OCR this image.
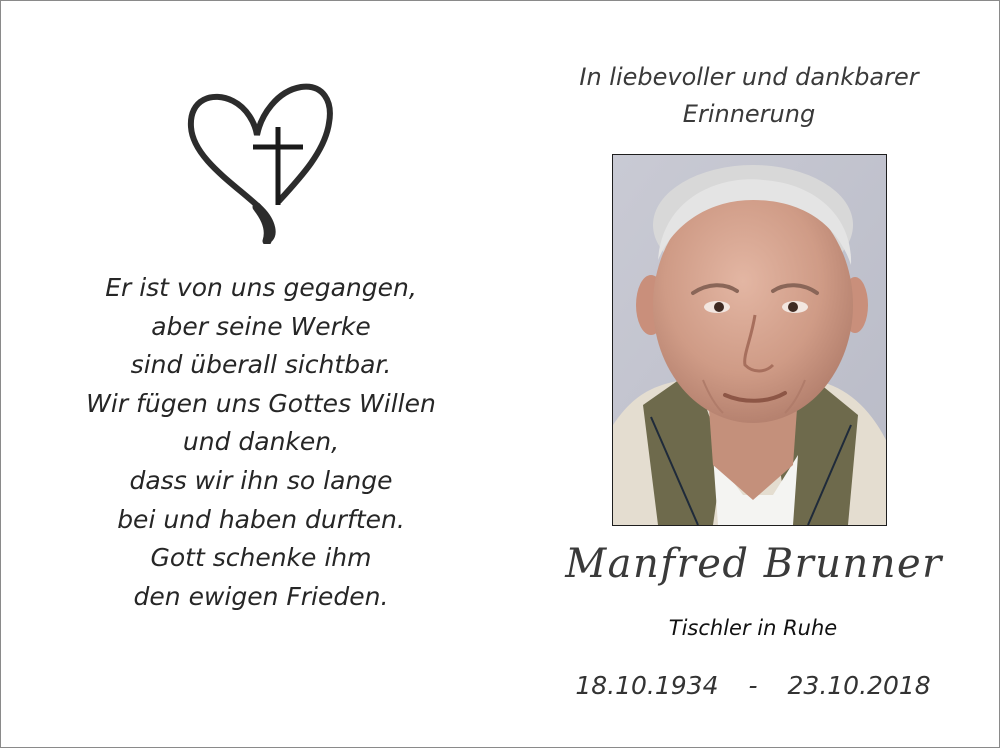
Er ist von uns gegangen,
aber seine Werke
sind überall sichtbar.
Wir fügen uns Gottes Willen
und danken,
dass wir ihn so lange
bei und haben durften.
Gott schenke ihm
den ewigen Frieden.
In liebevoller und dankbarer
Erinnerung
Manfred Brunner
Tischler in Ruhe
18.10.1934 - 23.10.2018
